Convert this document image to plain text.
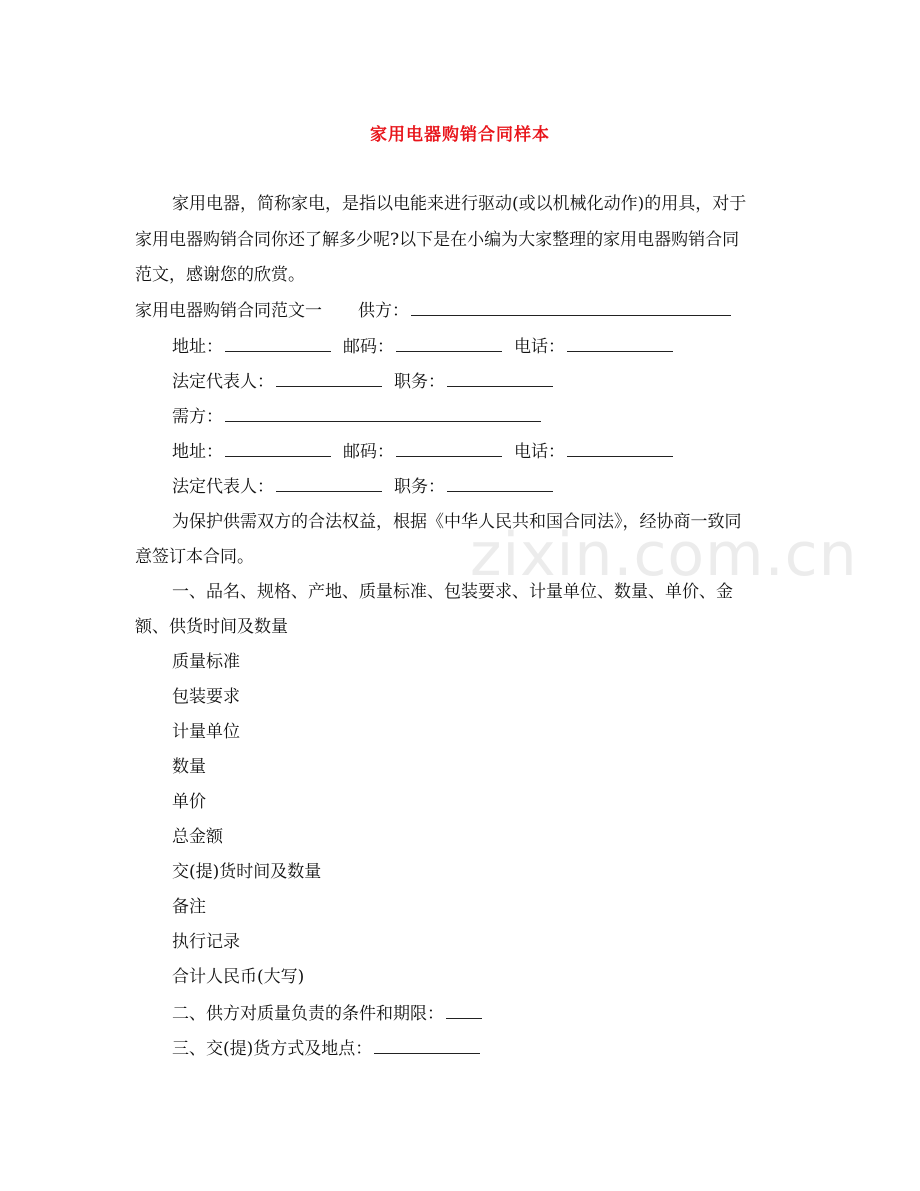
zixin.com.cn
家用电器购销合同样本
家用电器，简称家电，是指以电能来进行驱动(或以机械化动作)的用具，对于
家用电器购销合同你还了解多少呢?以下是在小编为大家整理的家用电器购销合同
范文，感谢您的欣赏。
家用电器购销合同范文一 供方：
地址：	邮码：	电话：
法定代表人：	职务：
需方：
地址：	邮码：	电话：
法定代表人：	职务：
为保护供需双方的合法权益，根据《中华人民共和国合同法》，经协商一致同
意签订本合同。
一、品名、规格、产地、质量标准、包装要求、计量单位、数量、单价、金
额、供货时间及数量
质量标准
包装要求
计量单位
数量
单价
总金额
交(提)货时间及数量
备注
执行记录
合计人民币(大写)
二、供方对质量负责的条件和期限：
三、交(提)货方式及地点：
